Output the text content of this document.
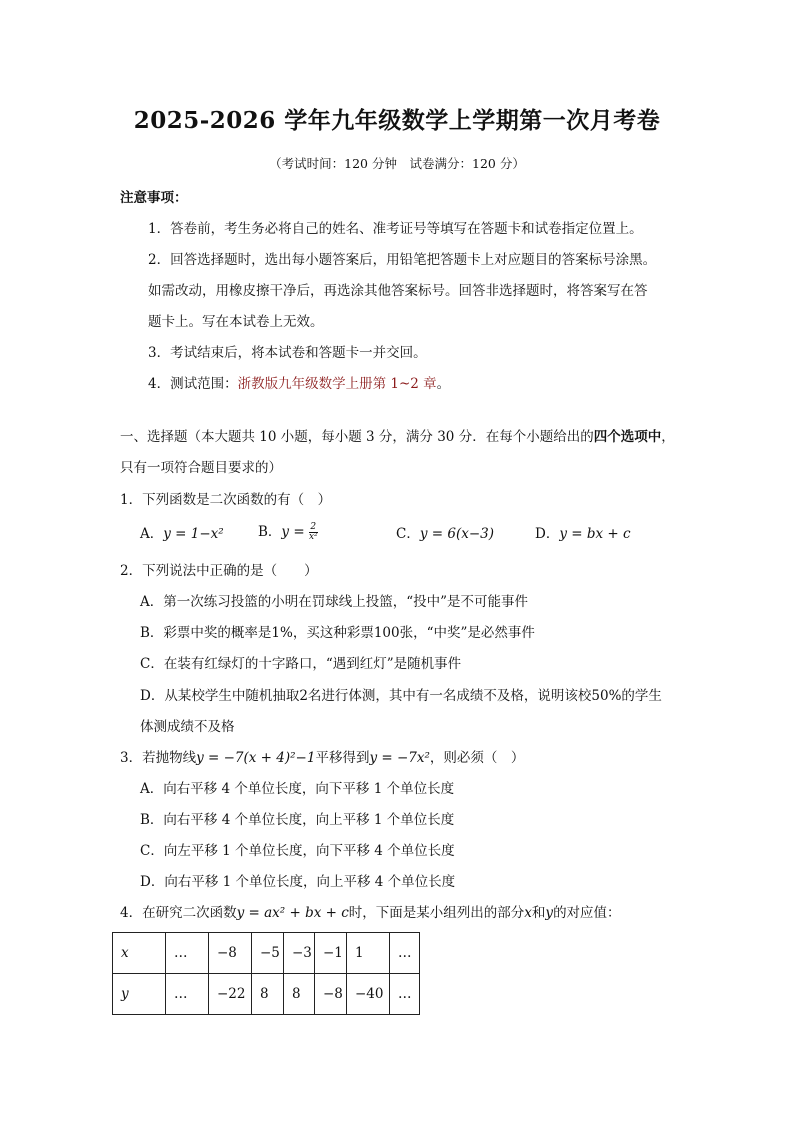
2025-2026 学年九年级数学上学期第一次月考卷
（考试时间：120 分钟　试卷满分：120 分）
注意事项：
1．答卷前，考生务必将自己的姓名、准考证号等填写在答题卡和试卷指定位置上。
2．回答选择题时，选出每小题答案后，用铅笔把答题卡上对应题目的答案标号涂黑。
如需改动，用橡皮擦干净后，再选涂其他答案标号。回答非选择题时，将答案写在答
题卡上。写在本试卷上无效。
3．考试结束后，将本试卷和答题卡一并交回。
4．测试范围：浙教版九年级数学上册第 1~2 章。
一、选择题（本大题共 10 小题，每小题 3 分，满分 30 分．在每个小题给出的四个选项中，
只有一项符合题目要求的）
1．下列函数是二次函数的有（　）
A．y = 1−x²	B．$y = \frac{2}{\text{x²}}$	C．y = 6(x−3)	D．y = bx + c
2．下列说法中正确的是（　　）
A．第一次练习投篮的小明在罚球线上投篮，“投中”是不可能事件
B．彩票中奖的概率是1%，买这种彩票100张，“中奖”是必然事件
C．在装有红绿灯的十字路口，“遇到红灯”是随机事件
D．从某校学生中随机抽取2名进行体测，其中有一名成绩不及格，说明该校50%的学生
体测成绩不及格
3．若抛物线y = −7(x + 4)²−1平移得到y = −7x²，则必须（　）
A．向右平移 4 个单位长度，向下平移 1 个单位长度
B．向右平移 4 个单位长度，向上平移 1 个单位长度
C．向左平移 1 个单位长度，向下平移 4 个单位长度
D．向右平移 1 个单位长度，向上平移 4 个单位长度
4．在研究二次函数y = ax² + bx + c时，下面是某小组列出的部分x和y的对应值：
x	…	−8	−5	−3	−1	1	…
y	…	−22	8	8	−8	−40	…
